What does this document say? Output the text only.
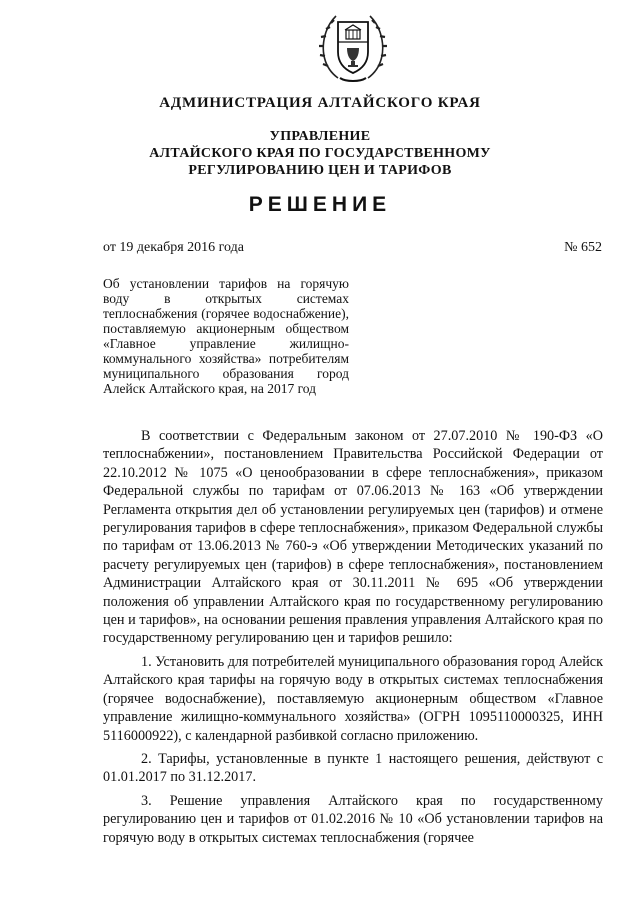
АДМИНИСТРАЦИЯ АЛТАЙСКОГО КРАЯ
УПРАВЛЕНИЕ
АЛТАЙСКОГО КРАЯ ПО ГОСУДАРСТВЕННОМУ
РЕГУЛИРОВАНИЮ ЦЕН И ТАРИФОВ
РЕШЕНИЕ
от 19 декабря 2016 года	№ 652
Об установлении тарифов на горячую воду в открытых системах теплоснабжения (горячее водоснабжение), поставляемую акционерным обществом «Главное управление жилищно-коммунального хозяйства» потребителям муниципального образования город Алейск Алтайского края, на 2017 год

В соответствии с Федеральным законом от 27.07.2010 № 190-ФЗ «О теплоснабжении», постановлением Правительства Российской Федерации от 22.10.2012 № 1075 «О ценообразовании в сфере теплоснабжения», приказом Федеральной службы по тарифам от 07.06.2013 № 163 «Об утверждении Регламента открытия дел об установлении регулируемых цен (тарифов) и отмене регулирования тарифов в сфере теплоснабжения», приказом Федеральной службы по тарифам от 13.06.2013 № 760-э «Об утверждении Методических указаний по расчету регулируемых цен (тарифов) в сфере теплоснабжения», постановлением Администрации Алтайского края от 30.11.2011 № 695 «Об утверждении положения об управлении Алтайского края по государственному регулированию цен и тарифов», на основании решения правления управления Алтайского края по государственному регулированию цен и тарифов решило:

1. Установить для потребителей муниципального образования город Алейск Алтайского края тарифы на горячую воду в открытых системах теплоснабжения (горячее водоснабжение), поставляемую акционерным обществом «Главное управление жилищно-коммунального хозяйства» (ОГРН 1095110000325, ИНН 5116000922), с календарной разбивкой согласно приложению.

2. Тарифы, установленные в пункте 1 настоящего решения, действуют с 01.01.2017 по 31.12.2017.

3. Решение управления Алтайского края по государственному регулированию цен и тарифов от 01.02.2016 № 10 «Об установлении тарифов на горячую воду в открытых системах теплоснабжения (горячее
